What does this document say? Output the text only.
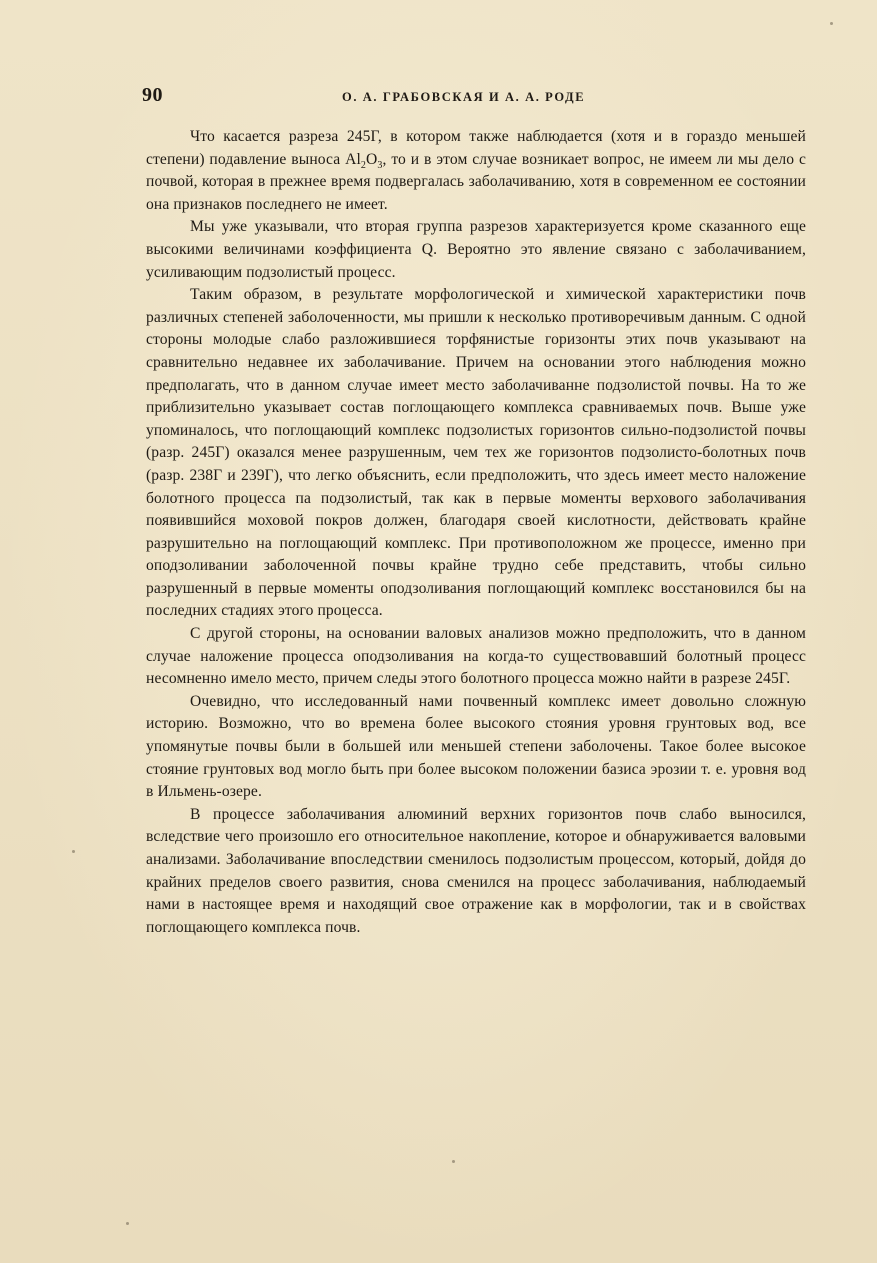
90	О. А. ГРАБОВСКАЯ И А. А. РОДЕ

Что касается разреза 245Г, в котором также наблюдается (хотя и в гораздо меньшей степени) подавление выноса $Al_2O_3$, то и в этом случае возникает вопрос, не имеем ли мы дело с почвой, которая в прежнее время подвергалась заболачиванию, хотя в современном ее состоянии она признаков последнего не имеет.

Мы уже указывали, что вторая группа разрезов характеризуется кроме сказанного еще высокими величинами коэффициента Q. Вероятно это явление связано с заболачиванием, усиливающим подзолистый процесс.

Таким образом, в результате морфологической и химической характеристики почв различных степеней заболоченности, мы пришли к несколько противоречивым данным. С одной стороны молодые слабо разложившиеся торфянистые горизонты этих почв указывают на сравнительно недавнее их заболачивание. Причем на основании этого наблюдения можно предполагать, что в данном случае имеет место заболачиванне подзолистой почвы. На то же приблизительно указывает состав поглощающего комплекса сравниваемых почв. Выше уже упоминалось, что поглощающий комплекс подзолистых горизонтов сильно-подзолистой почвы (разр. 245Г) оказался менее разрушенным, чем тех же горизонтов подзолисто-болотных почв (разр. 238Г и 239Г), что легко объяснить, если предположить, что здесь имеет место наложение болотного процесса па подзолистый, так как в первые моменты верхового заболачивания появившийся моховой покров должен, благодаря своей кислотности, действовать крайне разрушительно на поглощающий комплекс. При противоположном же процессе, именно при оподзоливании заболоченной почвы крайне трудно себе представить, чтобы сильно разрушенный в первые моменты оподзоливания поглощающий комплекс восстановился бы на последних стадиях этого процесса.

С другой стороны, на основании валовых анализов можно предположить, что в данном случае наложение процесса оподзоливания на когда-то существовавший болотный процесс несомненно имело место, причем следы этого болотного процесса можно найти в разрезе 245Г.

Очевидно, что исследованный нами почвенный комплекс имеет довольно сложную историю. Возможно, что во времена более высокого стояния уровня грунтовых вод, все упомянутые почвы были в большей или меньшей степени заболочены. Такое более высокое стояние грунтовых вод могло быть при более высоком положении базиса эрозии т. е. уровня вод в Ильмень-озере.

В процессе заболачивания алюминий верхних горизонтов почв слабо выносился, вследствие чего произошло его относительное накопление, которое и обнаруживается валовыми анализами. Заболачивание впоследствии сменилось подзолистым процессом, который, дойдя до крайних пределов своего развития, снова сменился на процесс заболачивания, наблюдаемый нами в настоящее время и находящий свое отражение как в морфологии, так и в свойствах поглощающего комплекса почв.
